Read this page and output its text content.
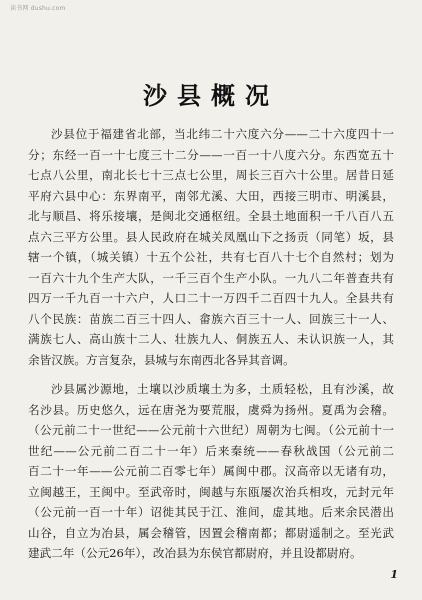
读书网 dushu.com
沙县概况
沙县位于福建省北部，当北纬二十六度六分——二十六度四十一
分；东经一百一十七度三十二分——一百一十八度六分。东西宽五十
七点八公里，南北长七十三点七公里，周长三百六十公里。居昔日延
平府六县中心：东界南平，南邻尤溪、大田，西接三明市、明溪县，
北与顺昌、将乐接壤，是闽北交通枢纽。全县土地面积一千八百八五
点六三平方公里。县人民政府在城关凤凰山下之扬贡（同笔）坂，县
辖一个镇，（城关镇）十五个公社，共有七百八十七个自然村；划为
一百六十九个生产大队，一千三百个生产小队。一九八二年普查共有
四万一千九百一十六户，人口二十一万四千二百四十九人。全县共有
八个民族：苗族二百三十四人、畲族六百三十一人、回族三十一人、
满族七人、高山族十二人、壮族九人、侗族五人、未认识族一人，其
余皆汉族。方言复杂，县城与东南西北各异其音调。
沙县属沙源地，土壤以沙质壤土为多，土质轻松，且有沙溪，故
名沙县。历史悠久，远在唐尧为要荒服，虞舜为扬州。夏禹为会稽。
（公元前二十一世纪——公元前十六世纪）周朝为七闽。（公元前十一
世纪——公元前二百二十一年）后来秦统——春秋战国（公元前二
百二十一年——公元前二百零七年）属闽中郡。汉高帝以无诸有功，
立闽越王，王闽中。至武帝时，闽越与东瓯屡次治兵相攻，元封元年
（公元前一百一十年）诏徙其民于江、淮间，虚其地。后来余民潜出
山谷，自立为冶县，属会稽管，因置会稽南都；都尉遥制之。至光武
建武二年（公元26年），改冶县为东侯官都尉府，并且设都尉府。
1
